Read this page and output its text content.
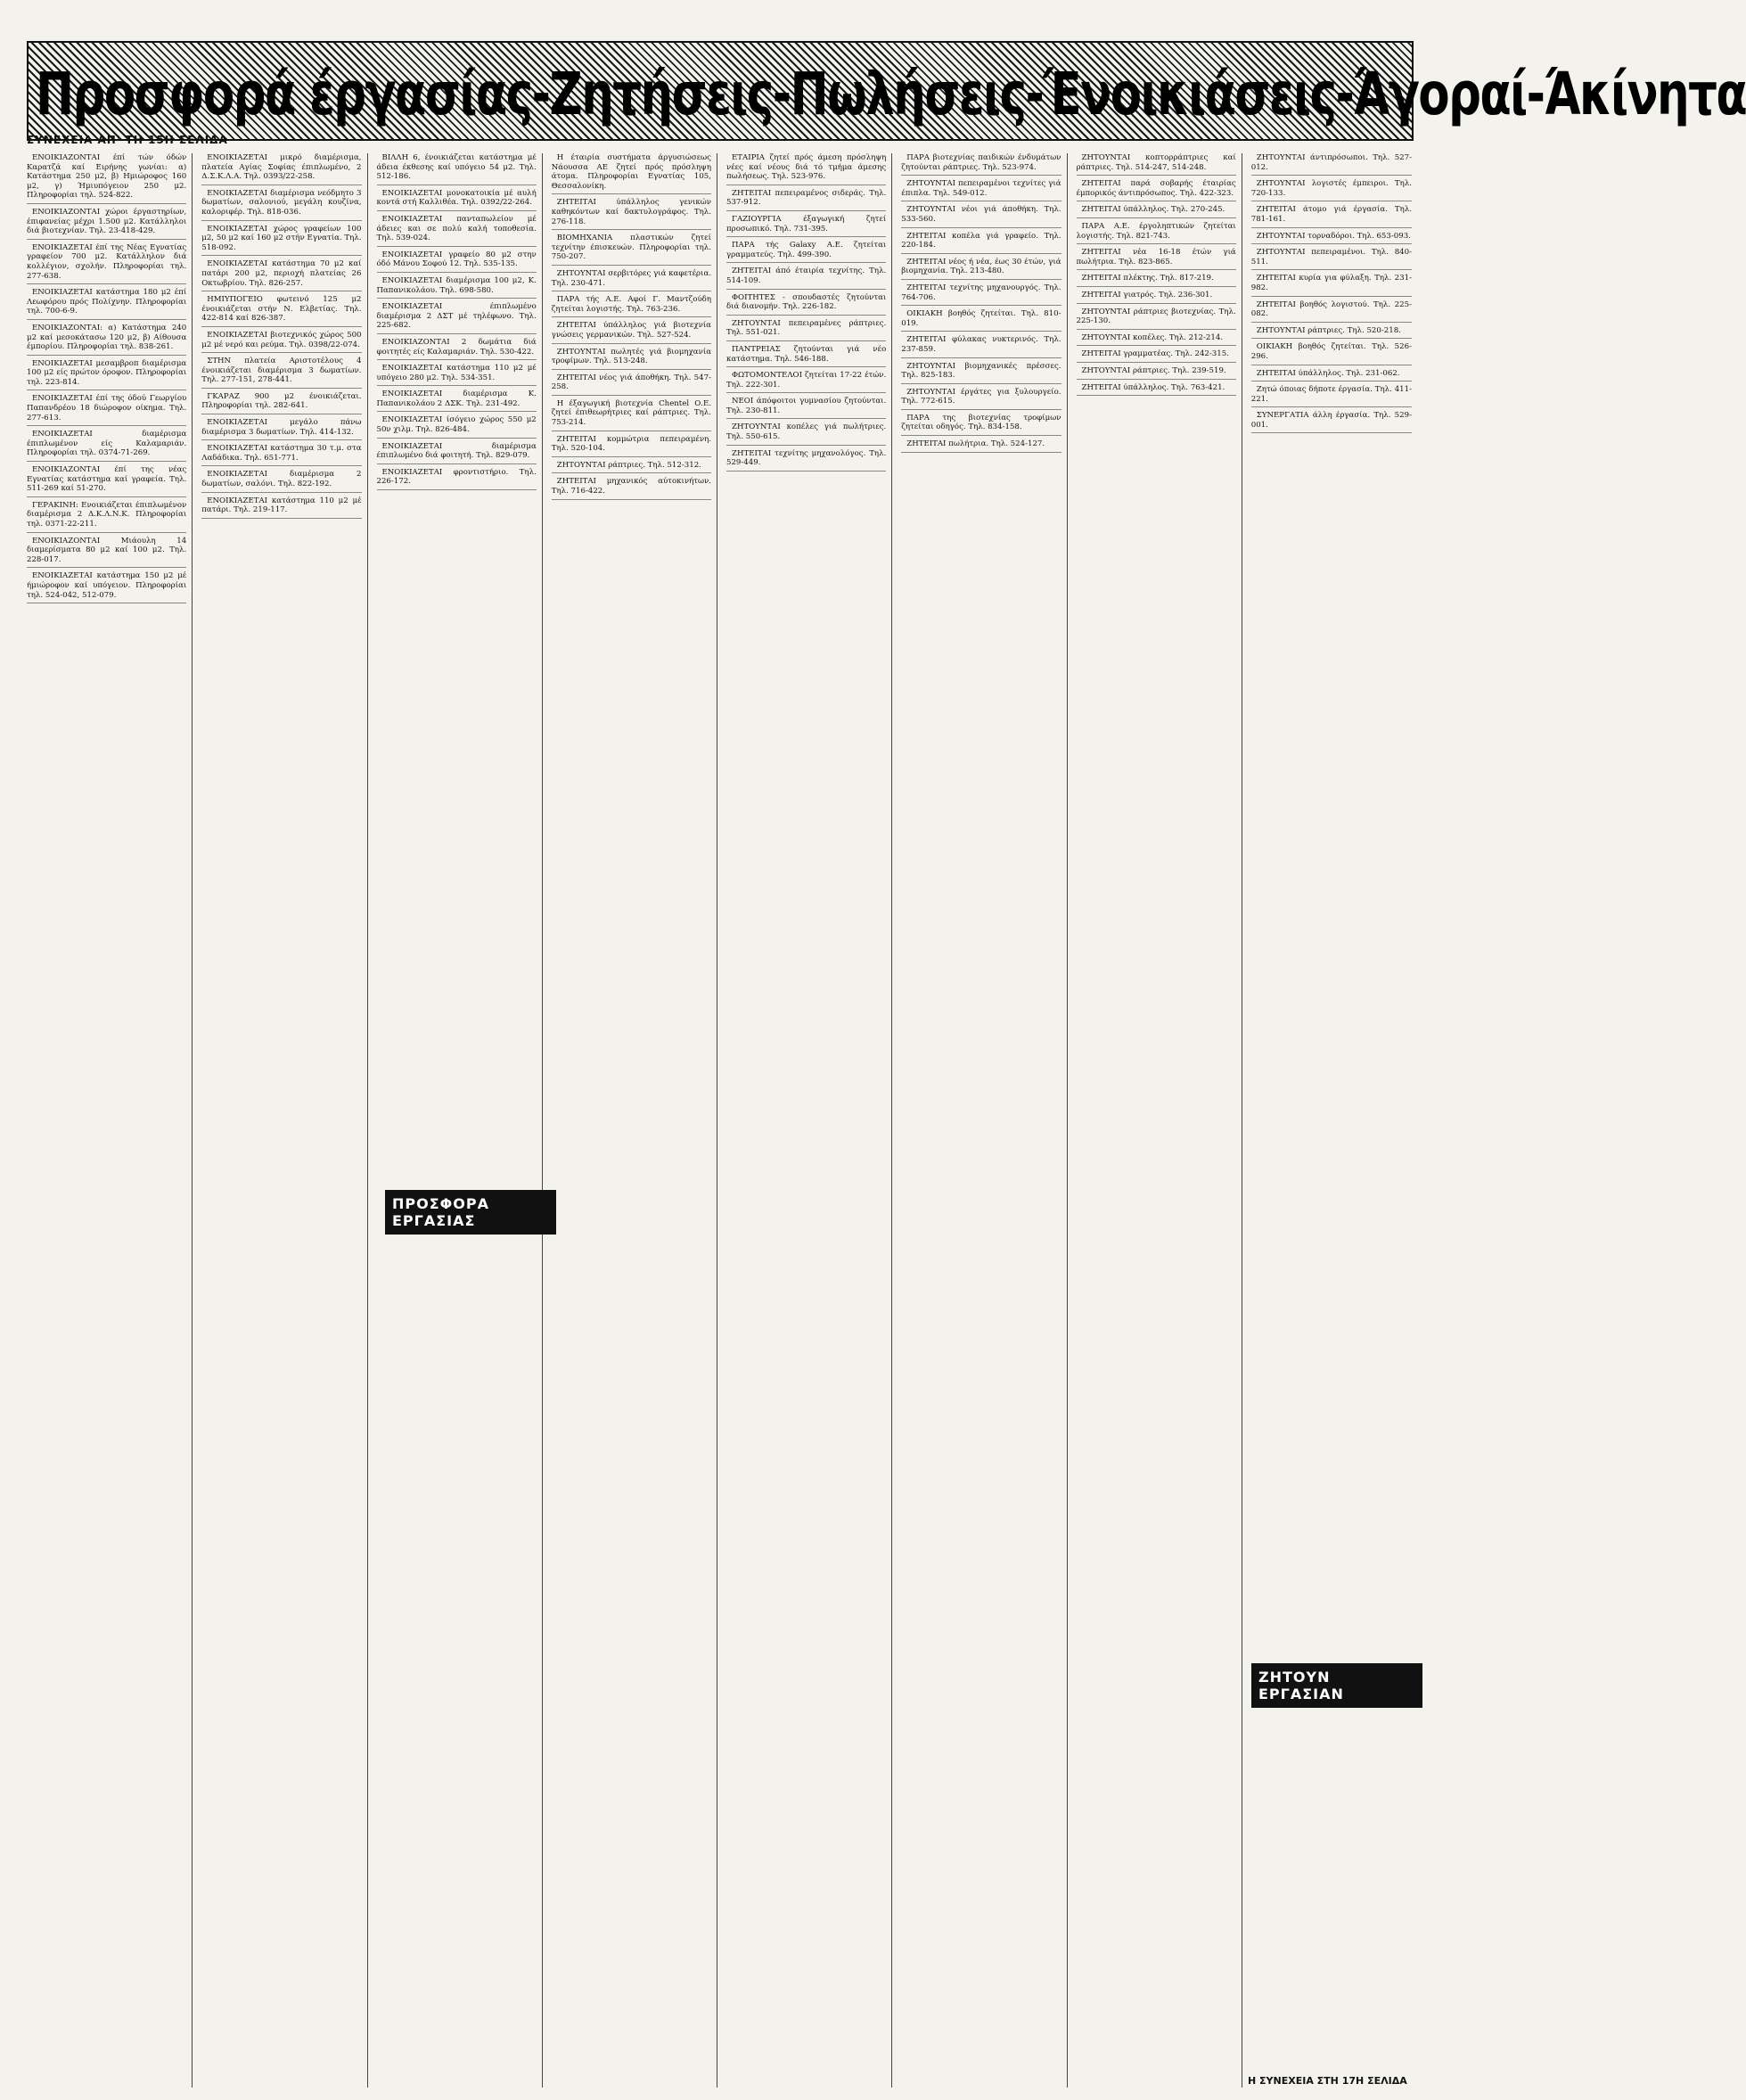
Προσφορά έργασίας-Ζητήσεις-Πωλήσεις-Ένοικιάσεις-Άγοραί-Άκίνητα
ΣΥΝΕΧΕΙΑ ΑΠ' ΤΗ 15Η ΣΕΛΙΔΑ

ΕΝΟΙΚΙΑΖΟΝΤΑΙ έπί τών όδών Καρατζά καί Ειρήνης γωνίαι: α) Κατάστημα 250 μ2, β) Ημιώροφος 160 μ2, γ) Ήμιυπόγειον 250 μ2. Πληροφορίαι τηλ. 524-822.

ΕΝΟΙΚΙΑΖΟΝΤΑΙ χώροι έργαστηρίων, έπιφανείας μέχρι 1.500 μ2. Κατάλληλοι διά βιοτεχνίαν. Τηλ. 23-418-429.

ΕΝΟΙΚΙΑΖΕΤΑΙ έπί της Νέας Εγνατίας γραφείον 700 μ2. Κατάλληλον διά κολλέγιον, σχολήν. Πληροφορίαι τηλ. 277-638.

ΕΝΟΙΚΙΑΖΕΤΑΙ κατάστημα 180 μ2 έπί Λεωφόρου πρός Πολίχνην. Πληροφορίαι τηλ. 700-6-9.

ΕΝΟΙΚΙΑΖΟΝΤΑΙ: α) Κατάστημα 240 μ2 καί μεσοκάτασω 120 μ2, β) Αίθουσα έμπορίου. Πληροφορίαι τηλ. 838-261.

ΕΝΟΙΚΙΑΖΕΤΑΙ μεσαμβροπ διαμέρισμα 100 μ2 είς πρώτον όροφον. Πληροφορίαι τηλ. 223-814.

ΕΝΟΙΚΙΑΖΕΤΑΙ έπί της όδού Γεωργίου Παπανδρέου 18 διώροφον οίκημα. Τηλ. 277-613.

ΕΝΟΙΚΙΑΖΕΤΑΙ διαμέρισμα έπιπλωμένον είς Καλαμαριάν. Πληροφορίαι τηλ. 0374-71-269.

ΕΝΟΙΚΙΑΖΟΝΤΑΙ έπί της νέας Εγνατίας κατάστημα καί γραφεία. Τηλ. 511-269 καί 51-270.

ΓΕΡΑΚΙΝΗ: Ενοικιάζεται έπιπλωμένον διαμέρισμα 2 Δ.Κ.Λ.Ν.Κ. Πληροφορίαι τηλ. 0371-22-211.

ΕΝΟΙΚΙΑΖΟΝΤΑΙ Μιάουλη 14 διαμερίσματα 80 μ2 καί 100 μ2. Τηλ. 228-017.

ΕΝΟΙΚΙΑΖΕΤΑΙ κατάστημα 150 μ2 μέ ήμιώροφον καί υπόγειον. Πληροφορίαι τηλ. 524-042, 512-079.

ΕΝΟΙΚΙΑΖΕΤΑΙ μικρό διαμέρισμα, πλατεία Αγίας Σοφίας έπιπλωμένο, 2 Δ.Σ.Κ.Λ.Α. Τηλ. 0393/22-258.

ΕΝΟΙΚΙΑΖΕΤΑΙ διαμέρισμα νεόδμητο 3 δωματίων, σαλονιού, μεγάλη κουζίνα, καλοριφέρ. Τηλ. 818-036.

ΕΝΟΙΚΙΑΖΕΤΑΙ χώρος γραφείων 100 μ2, 50 μ2 καί 160 μ2 στήν Εγνατία. Τηλ. 518-092.

ΕΝΟΙΚΙΑΖΕΤΑΙ κατάστημα 70 μ2 καί πατάρι 200 μ2, περιοχή πλατείας 26 Οκτωβρίου. Τηλ. 826-257.

ΗΜΙΥΠΟΓΕΙΟ φωτεινό 125 μ2 ένοικιάζεται στήν Ν. Ελβετίας. Τηλ. 422-814 καί 826-387.

ΕΝΟΙΚΙΑΖΕΤΑΙ βιοτεχνικός χώρος 500 μ2 μέ νερό και ρεύμα. Τηλ. 0398/22-074.

ΣΤΗΝ πλατεία Αριστοτέλους 4 ένοικιάζεται διαμέρισμα 3 δωματίων. Τηλ. 277-151, 278-441.

ΓΚΑΡΑΖ 900 μ2 ένοικιάζεται. Πληροφορίαι τηλ. 282-641.

ΕΝΟΙΚΙΑΖΕΤΑΙ μεγάλο πάνω διαμέρισμα 3 δωματίων. Τηλ. 414-132.

ΕΝΟΙΚΙΑΖΕΤΑΙ κατάστημα 30 τ.μ. στα Λαδάδικα. Τηλ. 651-771.

ΕΝΟΙΚΙΑΖΕΤΑΙ διαμέρισμα 2 δωματίων, σαλόνι. Τηλ. 822-192.

ΕΝΟΙΚΙΑΖΕΤΑΙ κατάστημα 110 μ2 μέ πατάρι. Τηλ. 219-117.

ΒΙΛΛΗ 6, ένοικιάζεται κατάστημα μέ άδεια έκθεσης καί υπόγειο 54 μ2. Τηλ. 512-186.

ΕΝΟΙΚΙΑΖΕΤΑΙ μονοκατοικία μέ αυλή κοντά στή Καλλιθέα. Τηλ. 0392/22-264.

ΕΝΟΙΚΙΑΖΕΤΑΙ πανταπωλείον μέ άδειες και σε πολύ καλή τοποθεσία. Τηλ. 539-024.

ΕΝΟΙΚΙΑΖΕΤΑΙ γραφείο 80 μ2 στην όδό Μάνου Σοφού 12. Τηλ. 535-135.

ΕΝΟΙΚΙΑΖΕΤΑΙ διαμέρισμα 100 μ2, Κ. Παπανικολάου. Τηλ. 698-580.

ΕΝΟΙΚΙΑΖΕΤΑΙ έπιπλωμένο διαμέρισμα 2 ΔΣΤ μέ τηλέφωνο. Τηλ. 225-682.

ΕΝΟΙΚΙΑΖΟΝΤΑΙ 2 δωμάτια διά φοιτητές είς Καλαμαριάν. Τηλ. 530-422.

ΕΝΟΙΚΙΑΖΕΤΑΙ κατάστημα 110 μ2 μέ υπόγειο 280 μ2. Τηλ. 534-351.

ΕΝΟΙΚΙΑΖΕΤΑΙ διαμέρισμα Κ. Παπανικολάου 2 ΔΣΚ. Τηλ. 231-492.

ΕΝΟΙΚΙΑΖΕΤΑΙ ίσόγειο χώρος 550 μ2 50ν χιλμ. Τηλ. 826-484.

ΕΝΟΙΚΙΑΖΕΤΑΙ διαμέρισμα έπιπλωμένο διά φοιτητή. Τηλ. 829-079.

ΕΝΟΙΚΙΑΖΕΤΑΙ φροντιστήριο. Τηλ. 226-172.

Η έταιρία συστήματα άργυσιώσεως Νάουσσα ΑΕ ζητεί πρός πρόσληψη άτομα. Πληροφορίαι Εγνατίας 105, Θεσσαλονίκη.

ΖΗΤΕΙΤΑΙ ύπάλληλος γενικών καθηκόντων καί δακτυλογράφος. Τηλ. 276-118.

ΒΙΟΜΗΧΑΝΙΑ πλαστικών ζητεί τεχνίτην έπισκευών. Πληροφορίαι τηλ. 750-207.

ΖΗΤΟΥΝΤΑΙ σερβιτόρες γιά καφετέρια. Τηλ. 230-471.

ΠΑΡΑ τής Α.Ε. Αφοί Γ. Μαντζούδη ζητείται λογιστής. Τηλ. 763-236.

ΖΗΤΕΙΤΑΙ ύπάλληλος γιά βιοτεχνία γνώσεις γερμανικών. Τηλ. 527-524.

ΖΗΤΟΥΝΤΑΙ πωλητές γιά βιομηχανία τροφίμων. Τηλ. 513-248.

ΖΗΤΕΙΤΑΙ νέος γιά άποθήκη. Τηλ. 547-258.

Η έξαγωγική βιοτεχνία Chentel Ο.Ε. ζητεί έπιθεωρήτριες καί ράπτριες. Τηλ. 753-214.

ΖΗΤΕΙΤΑΙ κομμώτρια πεπειραμένη. Τηλ. 520-104.

ΖΗΤΟΥΝΤΑΙ ράπτριες. Τηλ. 512-312.

ΖΗΤΕΙΤΑΙ μηχανικός αύτοκινήτων. Τηλ. 716-422.

ΕΤΑΙΡΙΑ ζητεί πρός άμεση πρόσληψη νέες καί νέους διά τό τμήμα άμεσης πωλήσεως. Τηλ. 523-976.

ΖΗΤΕΙΤΑΙ πεπειραμένος σιδεράς. Τηλ. 537-912.

ΓΑΖΙΟΥΡΓΙΑ έξαγωγική ζητεί προσωπικό. Τηλ. 731-395.

ΠΑΡΑ τής Galaxy Α.Ε. ζητείται γραμματεύς. Τηλ. 499-390.

ΖΗΤΕΙΤΑΙ άπό έταιρία τεχνίτης. Τηλ. 514-109.

ΦΟΙΤΗΤΕΣ - σπουδαστές ζητούνται διά διανομήν. Τηλ. 226-182.

ΖΗΤΟΥΝΤΑΙ πεπειραμένες ράπτριες. Τηλ. 551-021.

ΠΑΝΤΡΕΙΑΣ ζητούνται γιά νέο κατάστημα. Τηλ. 546-188.

ΦΩΤΟΜΟΝΤΕΛΟΙ ζητείται 17-22 έτών. Τηλ. 222-301.

ΝΕΟΙ άπόφοιτοι γυμνασίου ζητούνται. Τηλ. 230-811.

ΖΗΤΟΥΝΤΑΙ κοπέλες γιά πωλήτριες. Τηλ. 550-615.

ΖΗΤΕΙΤΑΙ τεχνίτης μηχανολόγος. Τηλ. 529-449.

ΠΑΡΑ βιοτεχνίας παιδικών ένδυμάτων ζητούνται ράπτριες. Τηλ. 523-974.

ΖΗΤΟΥΝΤΑΙ πεπειραμένοι τεχνίτες γιά έπιπλα. Τηλ. 549-012.

ΖΗΤΟΥΝΤΑΙ νέοι γιά άποθήκη. Τηλ. 533-560.

ΖΗΤΕΙΤΑΙ κοπέλα γιά γραφείο. Τηλ. 220-184.

ΖΗΤΕΙΤΑΙ νέος ή νέα, έως 30 έτών, γιά βιομηχανία. Τηλ. 213-480.

ΖΗΤΕΙΤΑΙ τεχνίτης μηχανουργός. Τηλ. 764-706.

ΟΙΚΙΑΚΗ βοηθός ζητείται. Τηλ. 810-019.

ΖΗΤΕΙΤΑΙ φύλακας νυκτερινός. Τηλ. 237-859.

ΖΗΤΟΥΝΤΑΙ βιομηχανικές πρέσσες. Τηλ. 825-183.

ΖΗΤΟΥΝΤΑΙ έργάτες για ξυλουργείο. Τηλ. 772-615.

ΠΑΡΑ της βιοτεχνίας τροφίμων ζητείται οδηγός. Τηλ. 834-158.

ΖΗΤΕΙΤΑΙ πωλήτρια. Τηλ. 524-127.

ΖΗΤΟΥΝΤΑΙ κοπτορράπτριες καί ράπτριες. Τηλ. 514-247, 514-248.

ΖΗΤΕΙΤΑΙ παρά σοβαρής έταιρίας έμπορικός άντιπρόσωπος. Τηλ. 422-323.

ΖΗΤΕΙΤΑΙ ύπάλληλος. Τηλ. 270-245.

ΠΑΡΑ Α.Ε. έργοληπτικών ζητείται λογιστής. Τηλ. 821-743.

ΖΗΤΕΙΤΑΙ νέα 16-18 έτών γιά πωλήτρια. Τηλ. 823-865.

ΖΗΤΕΙΤΑΙ πλέκτης. Τηλ. 817-219.

ΖΗΤΕΙΤΑΙ γιατρός. Τηλ. 236-301.

ΖΗΤΟΥΝΤΑΙ ράπτριες βιοτεχνίας. Τηλ. 225-130.

ΖΗΤΟΥΝΤΑΙ κοπέλες. Τηλ. 212-214.

ΖΗΤΕΙΤΑΙ γραμματέας. Τηλ. 242-315.

ΖΗΤΟΥΝΤΑΙ ράπτριες. Τηλ. 239-519.

ΖΗΤΕΙΤΑΙ ύπάλληλος. Τηλ. 763-421.

ΖΗΤΟΥΝΤΑΙ άντιπρόσωποι. Τηλ. 527-012.

ΖΗΤΟΥΝΤΑΙ λογιστές έμπειροι. Τηλ. 720-133.

ΖΗΤΕΙΤΑΙ άτομο γιά έργασία. Τηλ. 781-161.

ΖΗΤΟΥΝΤΑΙ τορναδόροι. Τηλ. 653-093.

ΖΗΤΟΥΝΤΑΙ πεπειραμένοι. Τηλ. 840-511.

ΖΗΤΕΙΤΑΙ κυρία για φύλαξη. Τηλ. 231-982.

ΖΗΤΕΙΤΑΙ βοηθός λογιστού. Τηλ. 225-082.

ΖΗΤΟΥΝΤΑΙ ράπτριες. Τηλ. 520-218.

ΟΙΚΙΑΚΗ βοηθός ζητείται. Τηλ. 526-296.

ΖΗΤΕΙΤΑΙ ύπάλληλος. Τηλ. 231-062.

Ζητώ όποιας δήποτε έργασία. Τηλ. 411-221.

ΣΥΝΕΡΓΑΤΙΑ άλλη έργασία. Τηλ. 529-001.

ΠΡΟΣΦΟΡΑ ΕΡΓΑΣΙΑΣ
ΖΗΤΟΥΝ ΕΡΓΑΣΙΑΝ
Η ΣΥΝΕΧΕΙΑ ΣΤΗ 17Η ΣΕΛΙΔΑ
